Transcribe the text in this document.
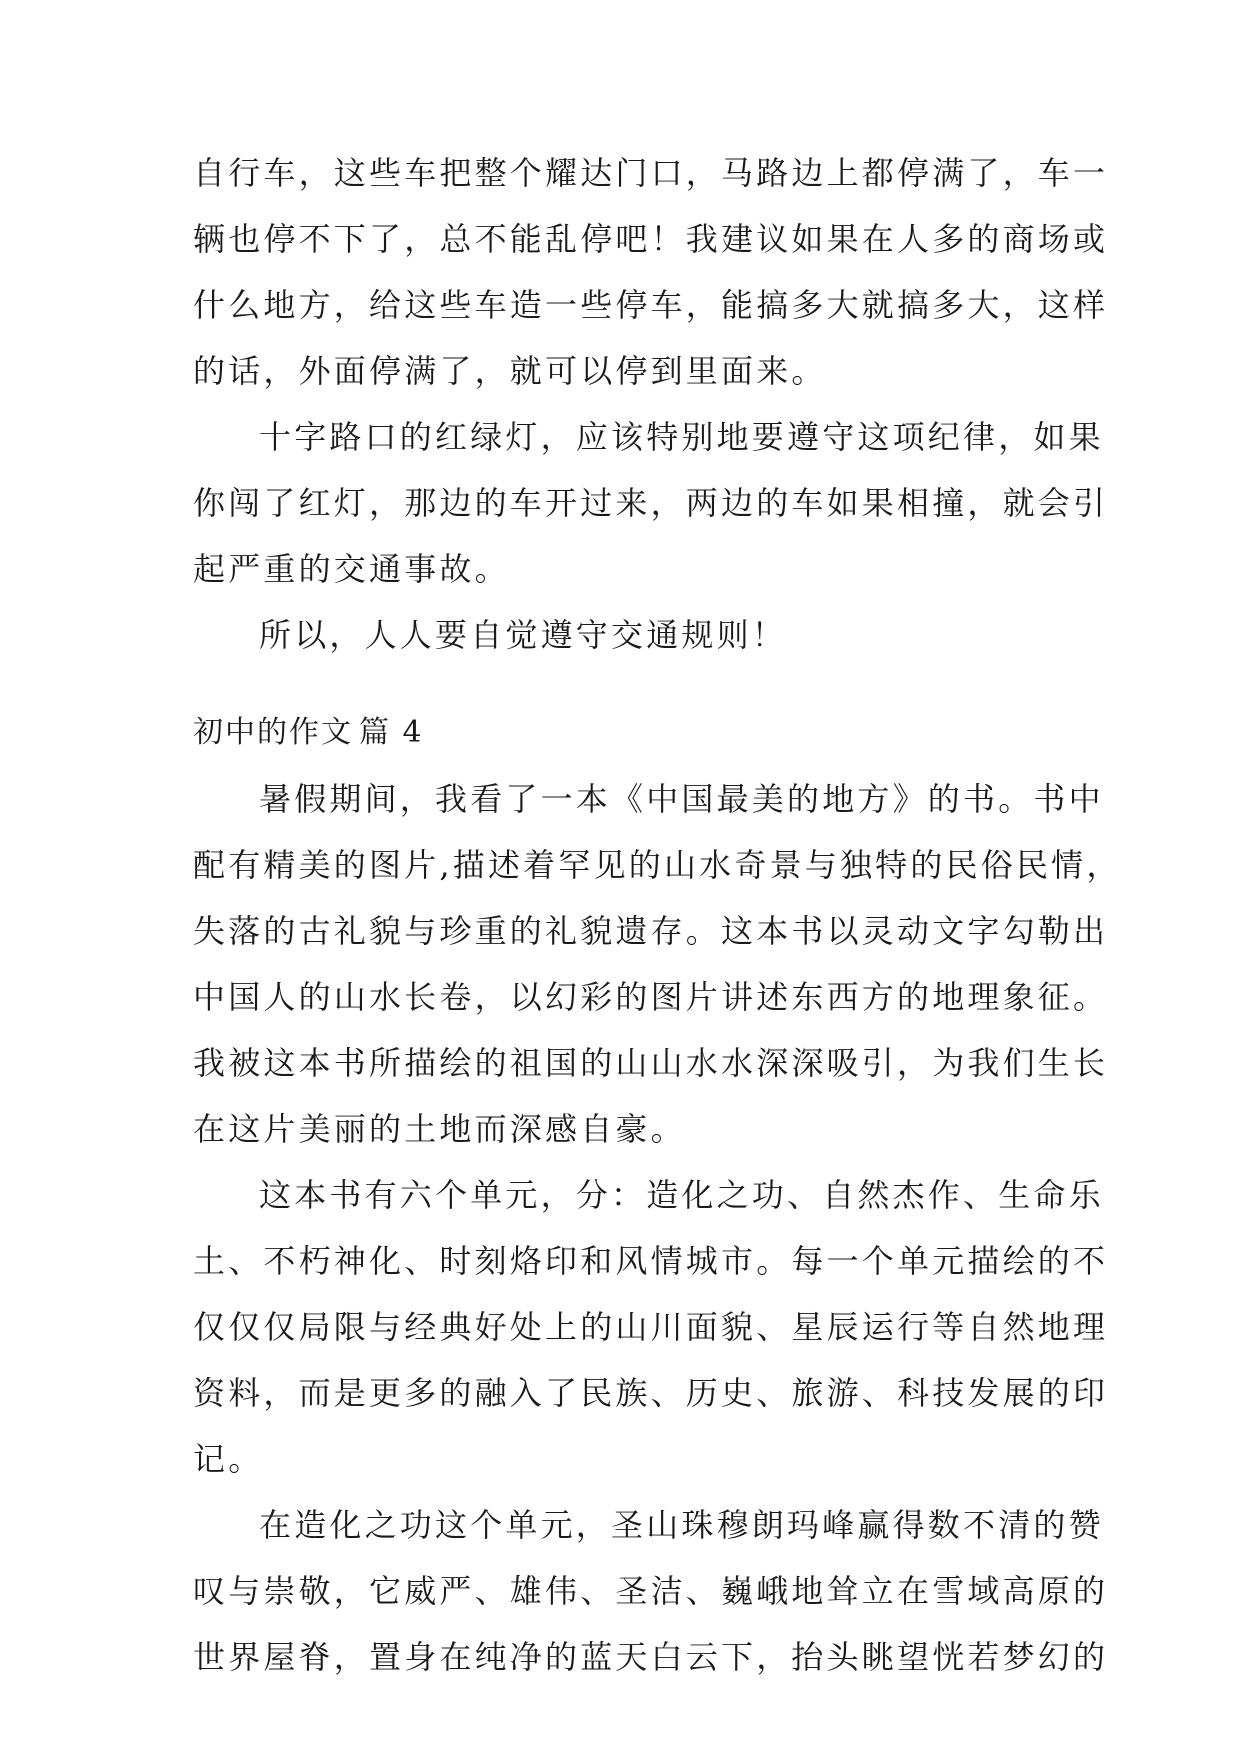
自行车，这些车把整个耀达门口，马路边上都停满了，车一
辆也停不下了，总不能乱停吧！我建议如果在人多的商场或
什么地方，给这些车造一些停车，能搞多大就搞多大，这样
的话，外面停满了，就可以停到里面来。
十字路口的红绿灯，应该特别地要遵守这项纪律，如果
你闯了红灯，那边的车开过来，两边的车如果相撞，就会引
起严重的交通事故。
所以，人人要自觉遵守交通规则！
初中的作文 篇 4
暑假期间，我看了一本《中国最美的地方》的书。书中
配有精美的图片,描述着罕见的山水奇景与独特的民俗民情，
失落的古礼貌与珍重的礼貌遗存。这本书以灵动文字勾勒出
中国人的山水长卷，以幻彩的图片讲述东西方的地理象征。
我被这本书所描绘的祖国的山山水水深深吸引，为我们生长
在这片美丽的土地而深感自豪。
这本书有六个单元，分：造化之功、自然杰作、生命乐
土、不朽神化、时刻烙印和风情城市。每一个单元描绘的不
仅仅仅局限与经典好处上的山川面貌、星辰运行等自然地理
资料，而是更多的融入了民族、历史、旅游、科技发展的印
记。
在造化之功这个单元，圣山珠穆朗玛峰赢得数不清的赞
叹与崇敬，它威严、雄伟、圣洁、巍峨地耸立在雪域高原的
世界屋脊，置身在纯净的蓝天白云下，抬头眺望恍若梦幻的
